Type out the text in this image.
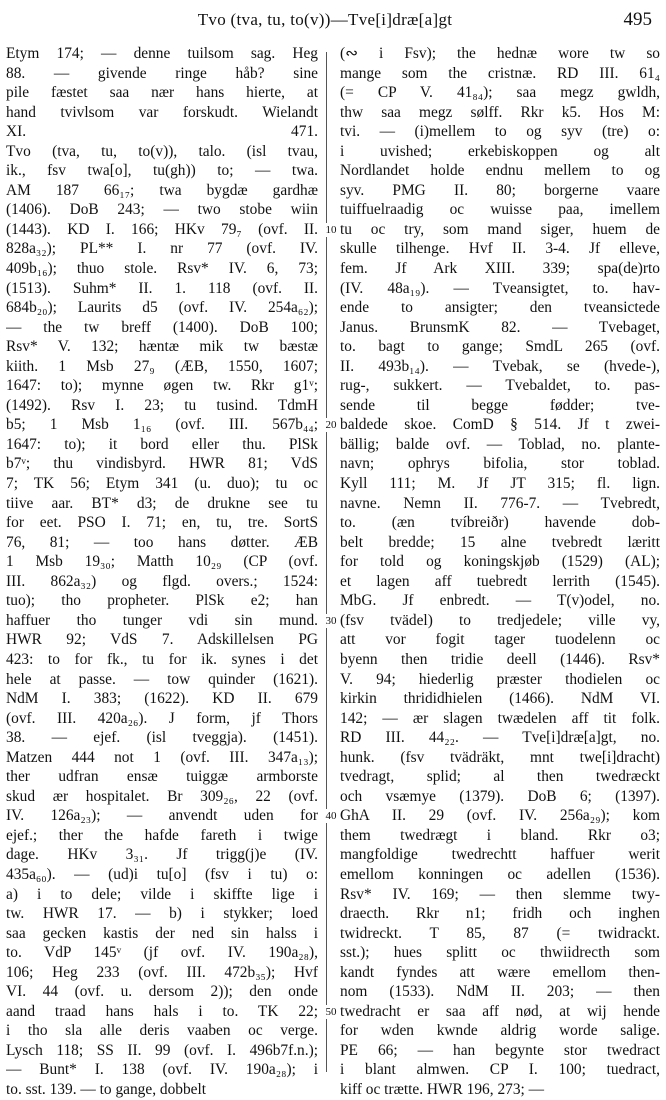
Tvo (tva, tu, to(v))—Tve[i]dræ[a]gt	495
Etym 174; — denne tuilsom sag. Heg
88. — givende ringe håb? sine
pile fæstet saa nær hans hierte, at
hand tvivlsom var forskudt. Wielandt
XI. 471.
Tvo (tva, tu, to(v)), talo. (isl tvau,
ik., fsv twa[o], tu(gh)) to; — twa.
AM 187 66₁₇; twa bygdæ gardhæ
(1406). DoB 243; — two stobe wiin
(1443). KD I. 166; HKv 79₇ (ovf. II.
828a₃₂); PL** I. nr 77 (ovf. IV.
409b₁₆); thuo stole. Rsv* IV. 6, 73;
(1513). Suhm* II. 1. 118 (ovf. II.
684b₂₀); Laurits d5 (ovf. IV. 254a₆₂);
— the tw breff (1400). DoB 100;
Rsv* V. 132; hæntæ mik tw bæstæ
kiith. 1 Msb 27₉ (ÆB, 1550, 1607;
1647: to); mynne øgen tw. Rkr g1ᵛ;
(1492). Rsv I. 23; tu tusind. TdmH
b5; 1 Msb 1₁₆ (ovf. III. 567b₄₄;
1647: to); it bord eller thu. PlSk
b7ᵛ; thu vindisbyrd. HWR 81; VdS
7; TK 56; Etym 341 (u. duo); tu oc
tiive aar. BT* d3; de drukne see tu
for eet. PSO I. 71; en, tu, tre. SortS
76, 81; — too hans døtter. ÆB
1 Msb 19₃₀; Matth 10₂₉ (CP (ovf.
III. 862a₃₂) og flgd. overs.; 1524:
tuo); tho propheter. PlSk e2; han
haffuer tho tunger vdi sin mund.
HWR 92; VdS 7. Adskillelsen PG
423: to for fk., tu for ik. synes i det
hele at passe. — tow quinder (1621).
NdM I. 383; (1622). KD II. 679
(ovf. III. 420a₂₆). J form, jf Thors
38. — ejef. (isl tveggja). (1451).
Matzen 444 not 1 (ovf. III. 347a₁₃);
ther udfran ensæ tuiggæ armborste
skud ær hospitalet. Br 309₂₆, 22 (ovf.
IV. 126a₂₃); — anvendt uden for
ejef.; ther the hafde fareth i twige
dage. HKv 3₃₁. Jf trigg(j)e (IV.
435a₆₀). — (ud)i tu[o] (fsv i tu) o:
a) i to dele; vilde i skiffte lige i
tw. HWR 17. — b) i stykker; loed
saa gecken kastis der ned sin halss i
to. VdP 145ᵛ (jf ovf. IV. 190a₂₈),
106; Heg 233 (ovf. III. 472b₃₅); Hvf
VI. 44 (ovf. u. dersom 2)); den onde
aand traad hans hals i to. TK 22;
i tho sla alle deris vaaben oc verge.
Lysch 118; SS II. 99 (ovf. I. 496b7f.n.);
— Bunt* I. 138 (ovf. IV. 190a₂₈); i
to. sst. 139. — to gange, dobbelt
10
20
30
40
50
(∾ i Fsv); the hednæ wore tw so
mange som the cristnæ. RD III. 61₄
(= CP V. 41₈₄); saa megz gwldh,
thw saa megz sølff. Rkr k5. Hos M:
tvi. — (i)mellem to og syv (tre) o:
i uvished; erkebiskoppen og alt
Nordlandet holde endnu mellem to og
syv. PMG II. 80; borgerne vaare
tuiffuelraadig oc wuisse paa, imellem
tu oc try, som mand siger, huem de
skulle tilhenge. Hvf II. 3-4. Jf elleve,
fem. Jf Ark XIII. 339; spa(de)rto
(IV. 48a₁₉). — Tveansigtet, to. hav-
ende to ansigter; den tveansictede
Janus. BrunsmK 82. — Tvebaget,
to. bagt to gange; SmdL 265 (ovf.
II. 493b₁₄). — Tvebak, se (hvede-),
rug-, sukkert. — Tvebaldet, to. pas-
sende til begge fødder; tve-
baldede skoe. ComD § 514. Jf t zwei-
bällig; balde ovf. — Toblad, no. plante-
navn; ophrys bifolia, stor toblad.
Kyll 111; M. Jf JT 315; fl. lign.
navne. Nemn II. 776-7. — Tvebredt,
to. (æn tvíbreiðr) havende dob-
belt bredde; 15 alne tvebredt læritt
for told og koningskjøb (1529) (AL);
et lagen aff tuebredt lerrith (1545).
MbG. Jf enbredt. — T(v)odel, no.
(fsv tvädel) to tredjedele; ville vy,
att vor fogit tager tuodelenn oc
byenn then tridie deell (1446). Rsv*
V. 94; hiederlig præster thodielen oc
kirkin thrididhielen (1466). NdM VI.
142; — ær slagen twædelen aff tit folk.
RD III. 44₂₂. — Tve[i]dræ[a]gt, no.
hunk. (fsv tvädräkt, mnt twe[i]dracht)
tvedragt, splid; al then twedræckt
och vsæmye (1379). DoB 6; (1397).
GhA II. 29 (ovf. IV. 256a₂₉); kom
them twedrægt i bland. Rkr o3;
mangfoldige twedrechtt haffuer werit
emellom konningen oc adellen (1536).
Rsv* IV. 169; — then slemme twy-
draecth. Rkr n1; fridh och inghen
twidreckt. T 85, 87 (= twidrackt.
sst.); hues splitt oc thwiidrecth som
kandt fyndes att wære emellom then-
nom (1533). NdM II. 203; — then
twedracht er saa aff nød, at wij hende
for wden kwnde aldrig worde salige.
PE 66; — han begynte stor twedract
i blant almwen. CP I. 100; tuedract,
kiff oc trætte. HWR 196, 273; —
